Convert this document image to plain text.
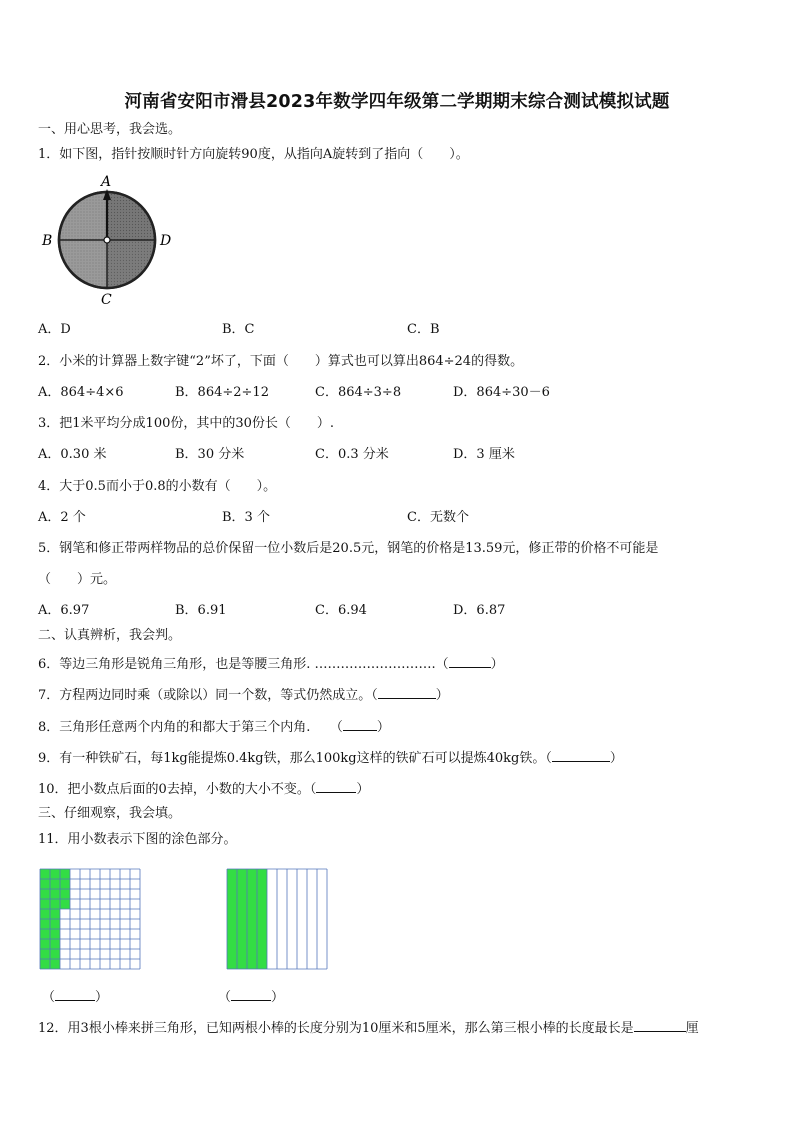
河南省安阳市滑县2023年数学四年级第二学期期末综合测试模拟试题
一、用心思考，我会选。
1．如下图，指针按顺时针方向旋转90度，从指向A旋转到了指向（　　）。
A
B
C
D
A．D	B．C	C．B
2．小米的计算器上数字键“2”坏了，下面（　　）算式也可以算出864÷24的得数。
A．864÷4×6	B．864÷2÷12	C．864÷3÷8	D．864÷30－6
3．把1米平均分成100份，其中的30份长（　　）.
A．0.30 米	B．30 分米	C．0.3 分米	D．3 厘米
4．大于0.5而小于0.8的小数有（　　）。
A．2 个	B．3 个	C．无数个
5．钢笔和修正带两样物品的总价保留一位小数后是20.5元，钢笔的价格是13.59元，修正带的价格不可能是
（　　）元。
A．6.97	B．6.91	C．6.94	D．6.87
二、认真辨析，我会判。
6．等边三角形是锐角三角形，也是等腰三角形. ……………………….（	）
7．方程两边同时乘（或除以）同一个数，等式仍然成立。（	）
8．三角形任意两个内角的和都大于第三个内角.　　（	）
9．有一种铁矿石，每1kg能提炼0.4kg铁，那么100kg这样的铁矿石可以提炼40kg铁。（	）
10．把小数点后面的0去掉，小数的大小不变。（	）
三、仔细观察，我会填。
11．用小数表示下图的涂色部分。
（	）	（	）
12．用3根小棒来拼三角形，已知两根小棒的长度分别为10厘米和5厘米，那么第三根小棒的长度最长是	厘
